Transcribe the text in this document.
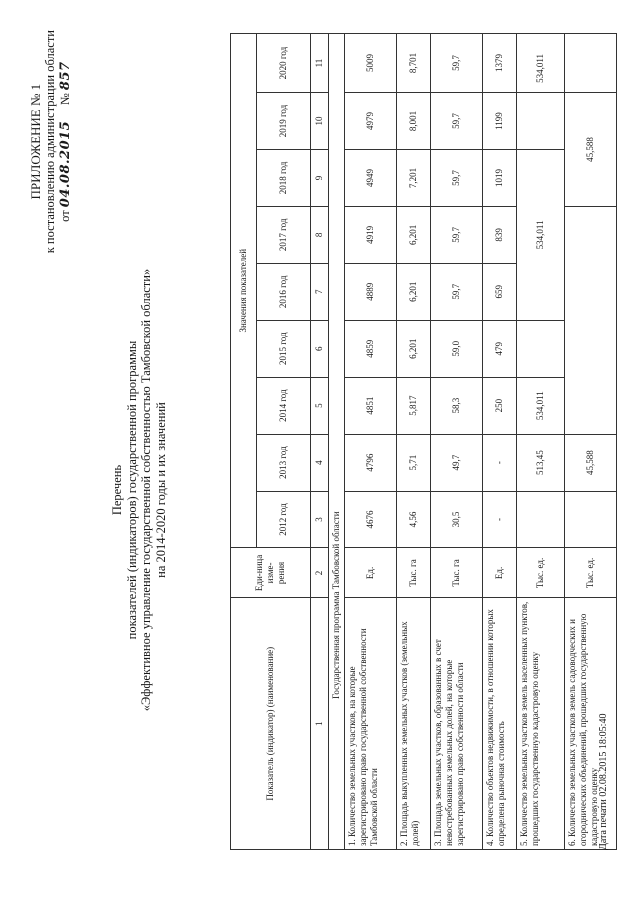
ПРИЛОЖЕНИЕ № 1 к постановлению администрации области от 04.08.2015     № 857
Перечень показателей (индикаторов) государственной программы «Эффективное управление государственной собственностью Тамбовской области» на 2014-2020 годы и их значений
Показатель (индикатор) (наименование)	Еди-ница изме-рения	Значения показателей								
		2012 год	2013 год	2014 год	2015 год	2016 год	2017 год	2018 год	2019 год	2020 год
1	2	3	4	5	6	7	8	9	10	11
Государственная программа Тамбовской области										
1. Количество земельных участков, на которые зарегистрировано право государственной собственности Тамбовской области	Ед.	4676	4796	4851	4859	4889	4919	4949	4979	5009
2. Площадь выкупленных земельных участков (земельных долей)	Тыс. га	4,56	5,71	5,817	6,201	6,201	6,201	7,201	8,001	8,701
3. Площадь земельных участков, образованных в счет невостребованных земельных долей, на которые зарегистрировано право собственности области	Тыс. га	30,5	49,7	58,3	59,0	59,7	59,7	59,7	59,7	59,7
4. Количество объектов недвижимости, в отношении которых определена рыночная стоимость	Ед.	-	-	250	479	659	839	1019	1199	1379
5. Количество земельных участков земель населенных пунктов, прошедших государственную кадастровую оценку	Тыс. ед.		513,45	534,011		534,011				534,011
6. Количество земельных участков земель садоводческих и огороднических объединений, прошедших государственную кадастровую оценку	Тыс. ед.		45,588					45,588		
Дата печати 02.08.2015 18:05:40
